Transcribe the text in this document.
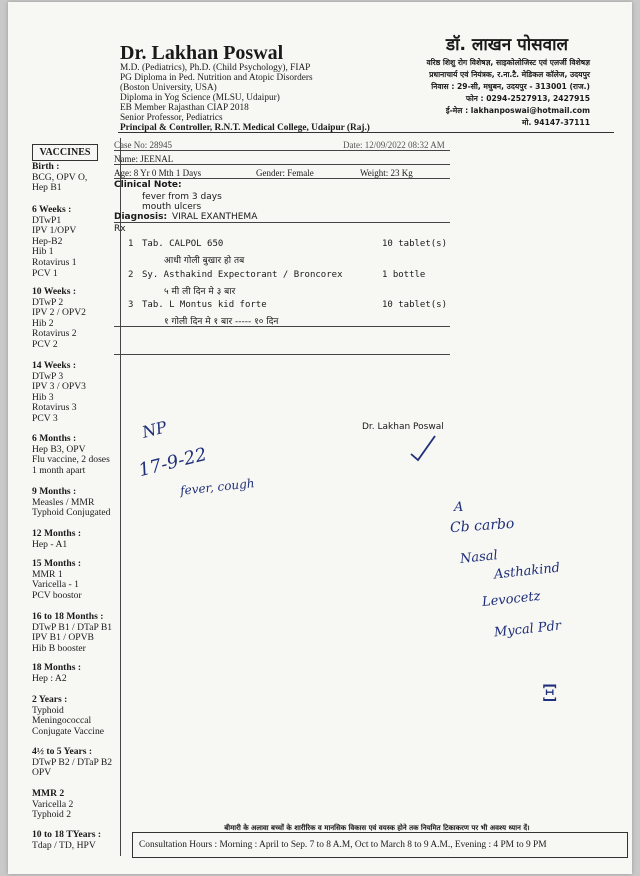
Dr. Lakhan Poswal
M.D. (Pediatrics), Ph.D. (Child Psychology), FIAP
PG Diploma in Ped. Nutrition and Atopic Disorders
(Boston University, USA)
Diploma in Yog Science (MLSU, Udaipur)
EB Member Rajasthan CIAP 2018
Senior Professor, Pediatrics
Principal & Controller, R.N.T. Medical College, Udaipur (Raj.)
डॉ. लाखन पोसवाल
वरिष्ठ शिशु रोग विशेषज्ञ, साइकोलोजिस्ट एवं एलर्जी विशेषज्ञ
प्रधानाचार्य एवं नियंत्रक, र.ना.टै. मेडिकल कॉलेज, उदयपुर
निवास : 29-सी, मधुबन, उदयपुर - 313001 (राज.)
फोन : 0294-2527913, 2427915
ई-मेल : lakhanposwai@hotmail.com
मो. 94147-37111
VACCINES
Birth :
BCG, OPV O,
Hep B1
6 Weeks :
DTwP1
IPV 1/OPV
Hep-B2
Hib 1
Rotavirus 1
PCV 1
10 Weeks :
DTwP 2
IPV 2 / OPV2
Hib 2
Rotavirus 2
PCV 2
14 Weeks :
DTwP 3
IPV 3 / OPV3
Hib 3
Rotavirus 3
PCV 3
6 Months :
Hep B3, OPV
Flu vaccine, 2 doses
1 month apart
9 Months :
Measles / MMR
Typhoid Conjugated
12 Months :
Hep - A1
15 Months :
MMR 1
Varicella - 1
PCV boostor
16 to 18 Months :
DTwP B1 / DTaP B1
IPV B1 / OPVB
Hib B booster
18 Months :
Hep : A2
2 Years :
Typhoid
Meningococcal
Conjugate Vaccine
4½ to 5 Years :
DTwP B2 / DTaP B2
OPV
MMR 2
Varicella 2
Typhoid 2
10 to 18 TYears :
Tdap / TD, HPV
Case No: 28945	Date: 12/09/2022 08:32 AM
Name: JEENAL
Age: 8 Yr 0 Mth 1 Days	Gender: Female	Weight: 23 Kg
Clinical Note:
fever from 3 days
mouth ulcers
Diagnosis: VIRAL EXANTHEMA
Rx
1 Tab. CALPOL 650	10 tablet(s)
आधी गोली बुखार हो तब
2 Sy. Asthakind Expectorant / Broncorex	1 bottle
५ मी ली दिन मे ३ बार
3 Tab. L Montus kid forte	10 tablet(s)
१ गोली दिन मे १ बार ----- १० दिन
Dr. Lakhan Poswal
NP
17-9-22
fever, cough
A
Cb carbo
Nasal
Asthakind
Levocetz
Mycal Pdr
Ξ
बीमारी के अलावा बच्चों के शारीरिक व मानसिक विकास एवं वयस्क होने तक नियमित टिकाकरण पर भी अवश्य ध्यान दें।
Consultation Hours : Morning : April to Sep. 7 to 8 A.M, Oct to March 8 to 9 A.M., Evening : 4 PM to 9 PM
